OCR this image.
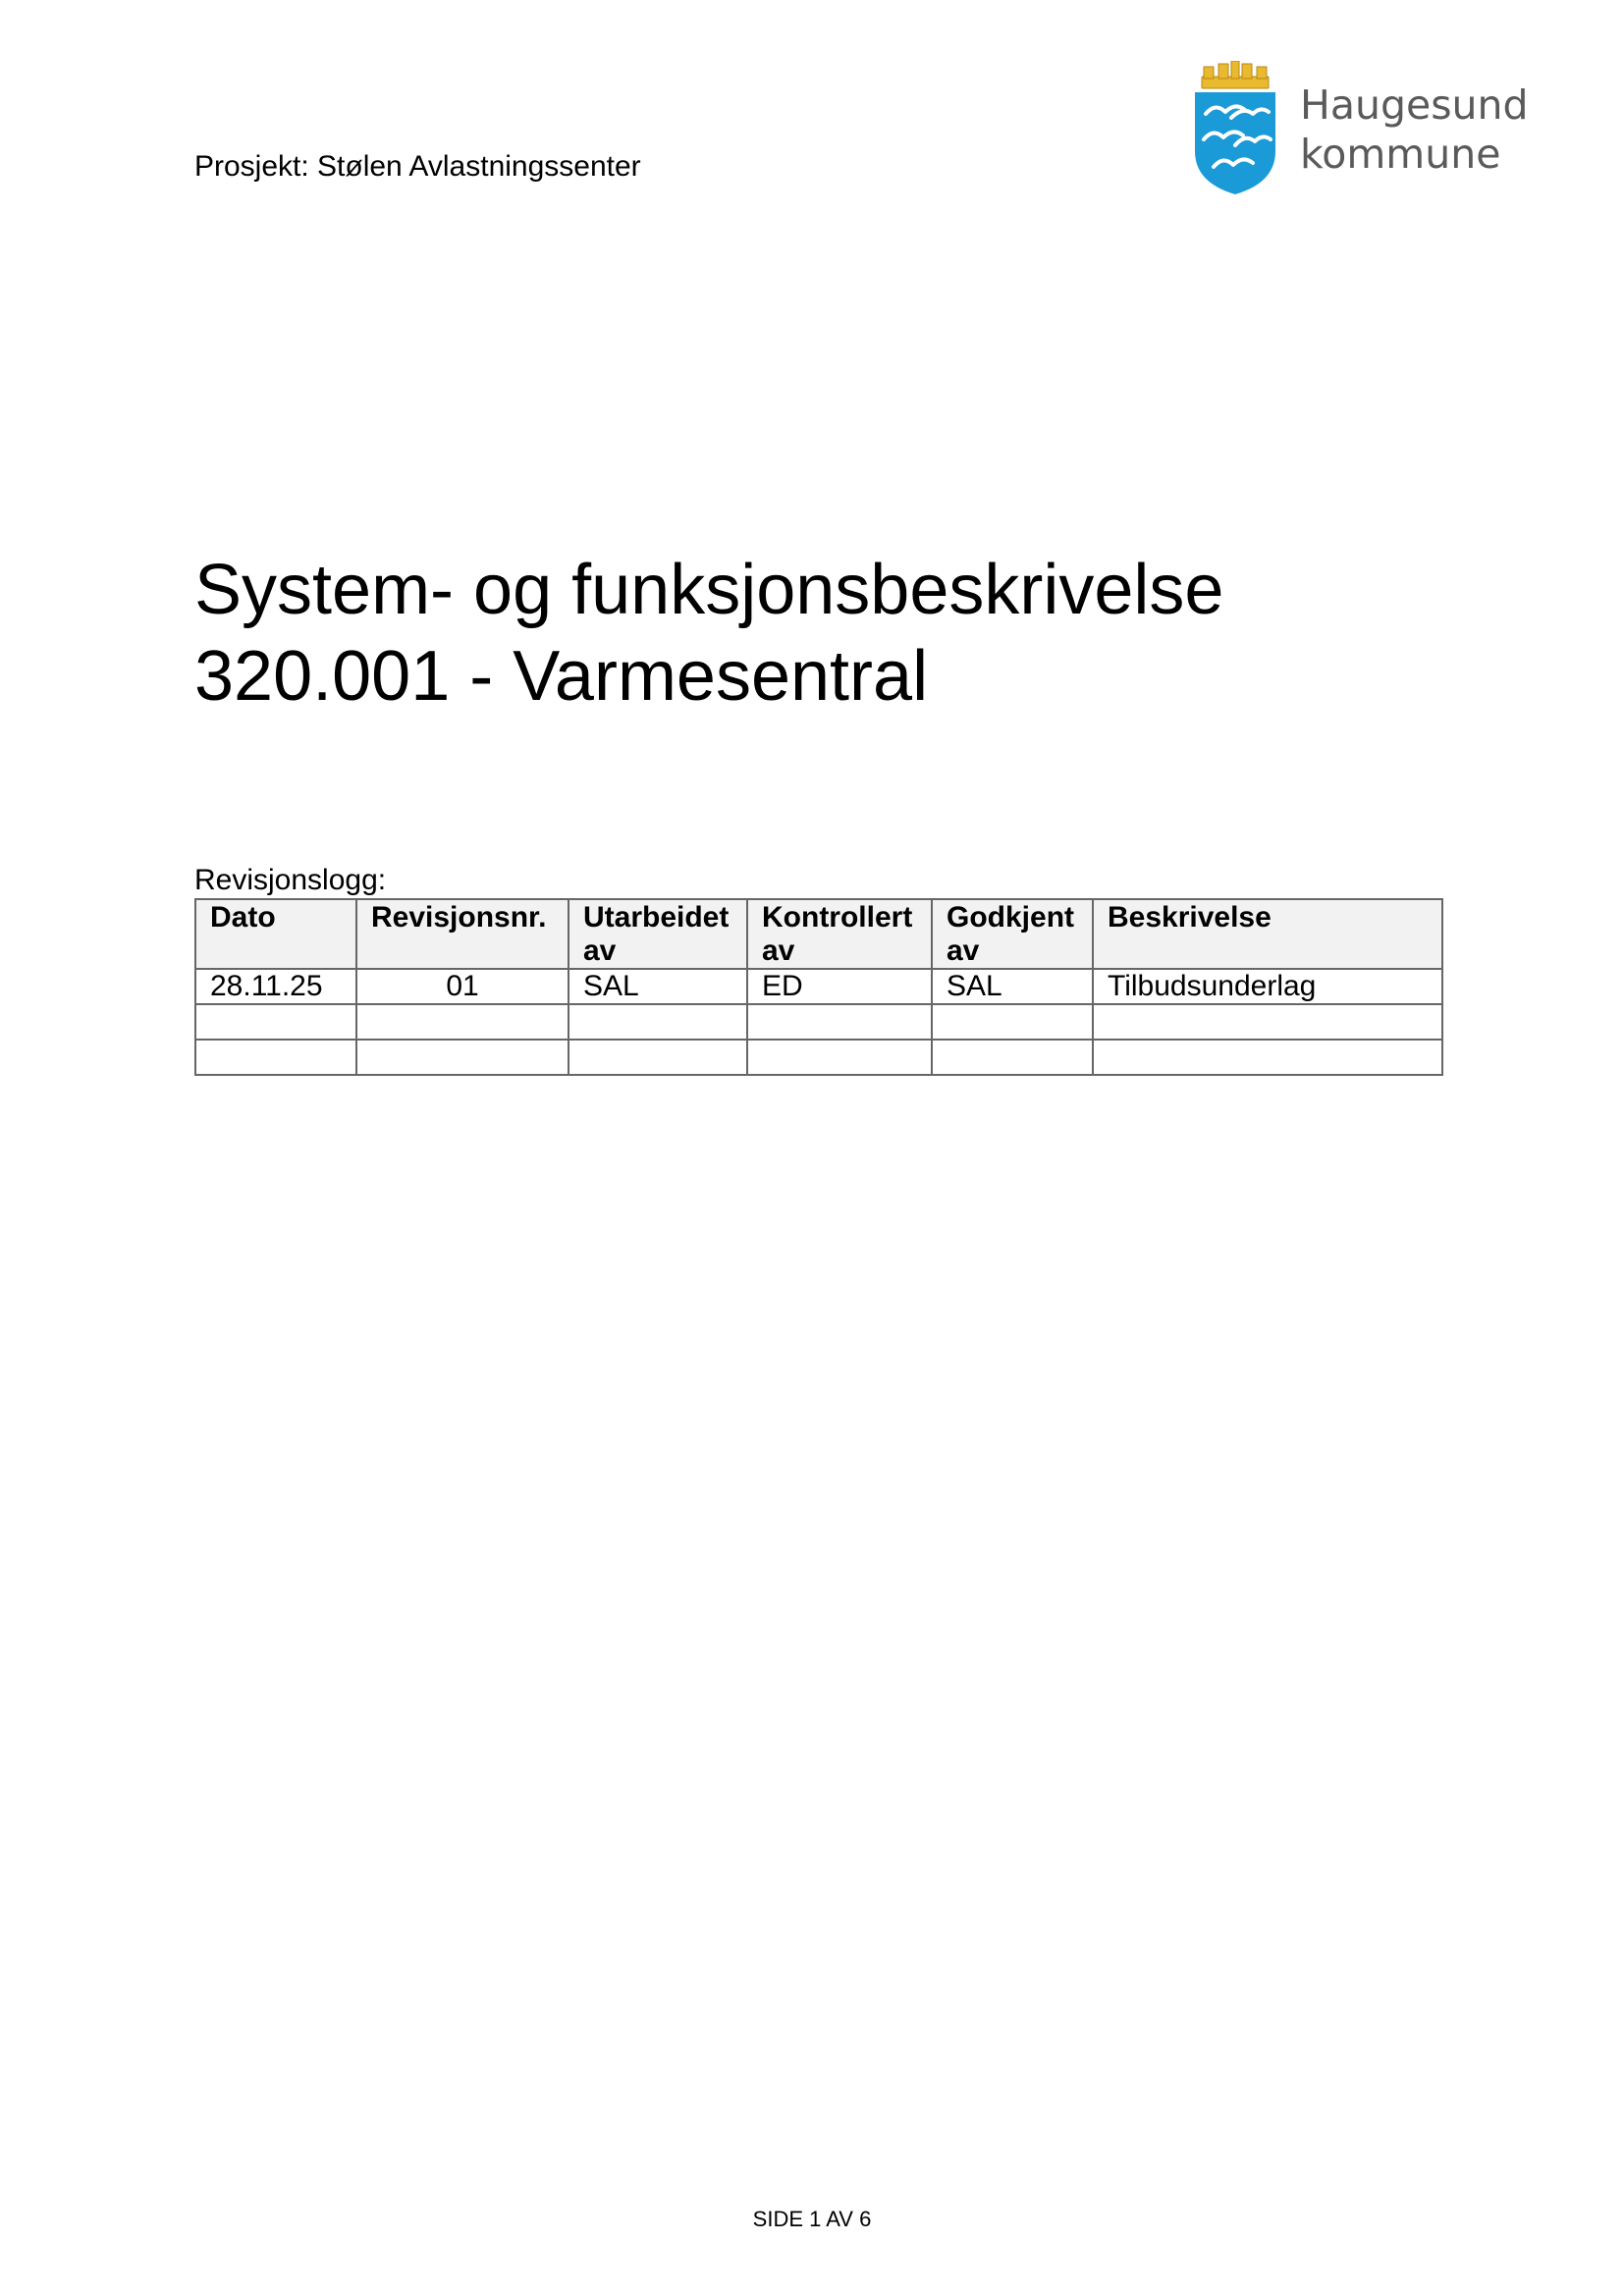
Prosjekt: Stølen Avlastningssenter
Haugesund
kommune
System- og funksjonsbeskrivelse
320.001 - Varmesentral
Revisjonslogg:
Dato	Revisjonsnr.	Utarbeidet av	Kontrollert av	Godkjent av	Beskrivelse
28.11.25	01	SAL	ED	SAL	Tilbudsunderlag

SIDE 1 AV 6
